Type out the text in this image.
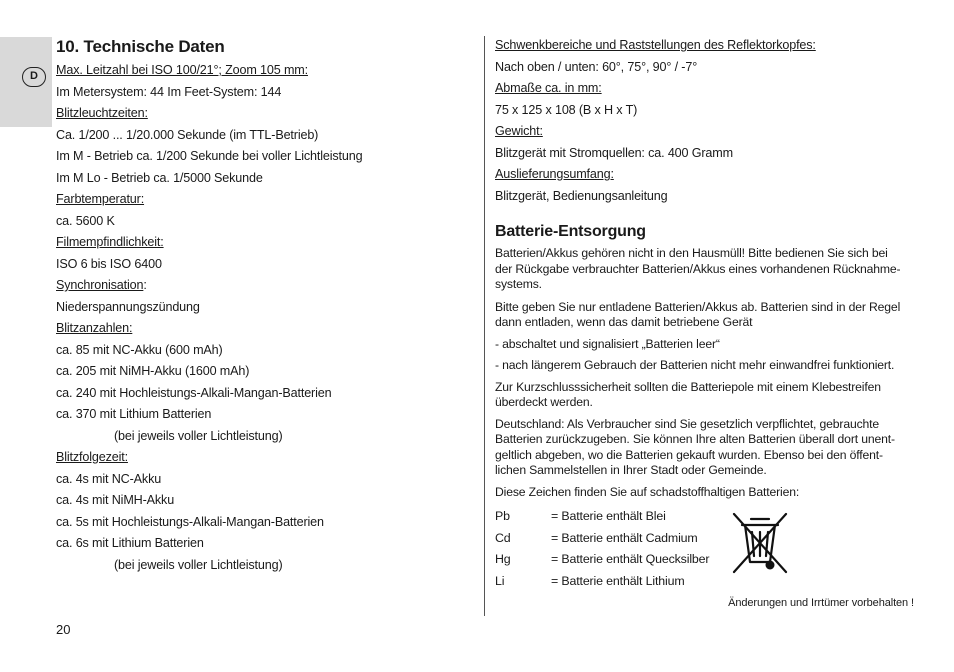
D
10. Technische Daten
Max. Leitzahl bei ISO 100/21°; Zoom 105 mm:
Im Metersystem: 44 Im Feet-System: 144
Blitzleuchtzeiten:
Ca. 1/200 ... 1/20.000 Sekunde (im TTL-Betrieb)
Im M - Betrieb ca. 1/200 Sekunde bei voller Lichtleistung
Im M Lo - Betrieb ca. 1/5000 Sekunde
Farbtemperatur:
ca. 5600 K
Filmempfindlichkeit:
ISO 6 bis ISO 6400
Synchronisation:
Niederspannungszündung
Blitzanzahlen:
ca. 85 mit NC-Akku (600 mAh)
ca. 205 mit NiMH-Akku (1600 mAh)
ca. 240 mit Hochleistungs-Alkali-Mangan-Batterien
ca. 370 mit Lithium Batterien
(bei jeweils voller Lichtleistung)
Blitzfolgezeit:
ca. 4s mit NC-Akku
ca. 4s mit NiMH-Akku
ca. 5s mit Hochleistungs-Alkali-Mangan-Batterien
ca. 6s mit Lithium Batterien
(bei jeweils voller Lichtleistung)
Schwenkbereiche und Raststellungen des Reflektorkopfes:
Nach oben / unten: 60°, 75°, 90° / -7°
Abmaße ca. in mm:
75 x 125 x 108 (B x H x T)
Gewicht:
Blitzgerät mit Stromquellen: ca. 400 Gramm
Auslieferungsumfang:
Blitzgerät, Bedienungsanleitung
Batterie-Entsorgung
Batterien/Akkus gehören nicht in den Hausmüll! Bitte bedienen Sie sich bei
der Rückgabe verbrauchter Batterien/Akkus eines vorhandenen Rücknahme-
systems.
Bitte geben Sie nur entladene Batterien/Akkus ab. Batterien sind in der Regel
dann entladen, wenn das damit betriebene Gerät
- abschaltet und signalisiert „Batterien leer“
- nach längerem Gebrauch der Batterien nicht mehr einwandfrei funktioniert.
Zur Kurzschlusssicherheit sollten die Batteriepole mit einem Klebestreifen
überdeckt werden.
Deutschland: Als Verbraucher sind Sie gesetzlich verpflichtet, gebrauchte
Batterien zurückzugeben. Sie können Ihre alten Batterien überall dort unent-
geltlich abgeben, wo die Batterien gekauft wurden. Ebenso bei den öffent-
lichen Sammelstellen in Ihrer Stadt oder Gemeinde.
Diese Zeichen finden Sie auf schadstoffhaltigen Batterien:
Pb	= Batterie enthält Blei
Cd	= Batterie enthält Cadmium
Hg	= Batterie enthält Quecksilber
Li	= Batterie enthält Lithium
Änderungen und Irrtümer vorbehalten !
20
